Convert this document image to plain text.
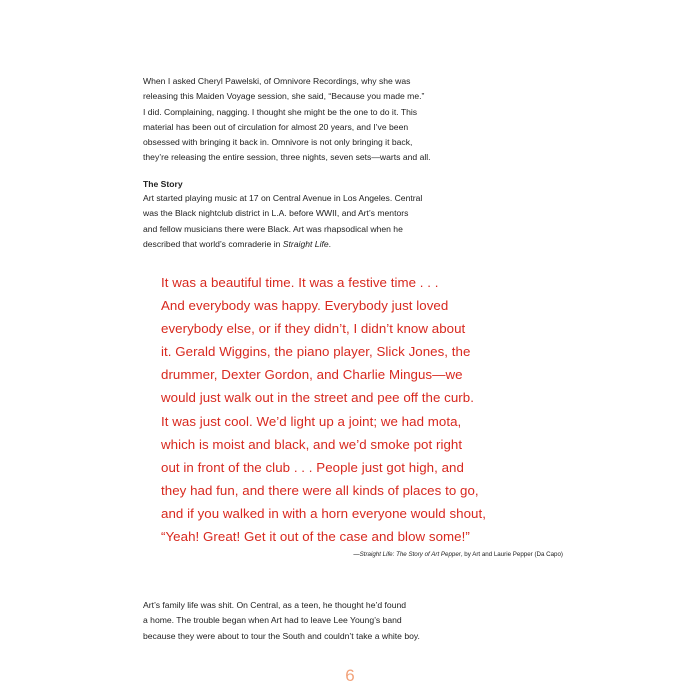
When I asked Cheryl Pawelski, of Omnivore Recordings, why she was
releasing this Maiden Voyage session, she said, “Because you made me.”
I did. Complaining, nagging. I thought she might be the one to do it. This
material has been out of circulation for almost 20 years, and I’ve been
obsessed with bringing it back in. Omnivore is not only bringing it back,
they’re releasing the entire session, three nights, seven sets—warts and all.

The Story

Art started playing music at 17 on Central Avenue in Los Angeles. Central
was the Black nightclub district in L.A. before WWII, and Art’s mentors
and fellow musicians there were Black. Art was rhapsodical when he
described that world’s comraderie in Straight Life.

It was a beautiful time. It was a festive time . . .
And everybody was happy. Everybody just loved
everybody else, or if they didn’t, I didn’t know about
it. Gerald Wiggins, the piano player, Slick Jones, the
drummer, Dexter Gordon, and Charlie Mingus—we
would just walk out in the street and pee off the curb.
It was just cool. We’d light up a joint; we had mota,
which is moist and black, and we’d smoke pot right
out in front of the club . . . People just got high, and
they had fun, and there were all kinds of places to go,
and if you walked in with a horn everyone would shout,
“Yeah! Great! Get it out of the case and blow some!”

—Straight Life: The Story of Art Pepper, by Art and Laurie Pepper (Da Capo)

Art’s family life was shit. On Central, as a teen, he thought he’d found
a home. The trouble began when Art had to leave Lee Young’s band
because they were about to tour the South and couldn’t take a white boy.

6
